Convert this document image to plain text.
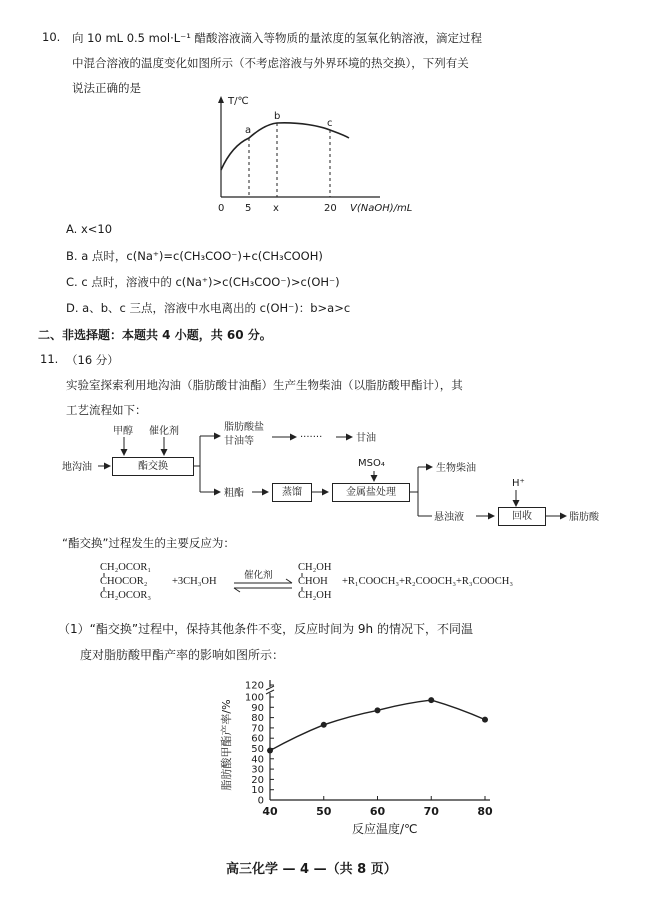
10. 向 10 mL 0.5 mol·L⁻¹ 醋酸溶液滴入等物质的量浓度的氢氧化钠溶液，滴定过程
中混合溶液的温度变化如图所示（不考虑溶液与外界环境的热交换），下列有关
说法正确的是
T/℃
a
b
c
0 5 x	20 V(NaOH)/mL
A. x<10
B. a 点时，c(Na⁺)=c(CH₃COO⁻)+c(CH₃COOH)
C. c 点时，溶液中的 c(Na⁺)>c(CH₃COO⁻)>c(OH⁻)
D. a、b、c 三点，溶液中水电离出的 c(OH⁻)：b>a>c
二、非选择题：本题共 4 小题，共 60 分。
11. （16 分）
实验室探索利用地沟油（脂肪酸甘油酯）生产生物柴油（以脂肪酸甲酯计），其
工艺流程如下：
甲醇 催化剂
地沟油
脂肪酸盐
甘油等	·······	甘油
MSO₄
粗酯
生物柴油
H⁺
悬浊液	脂肪酸
酯交换
蒸馏	金属盐处理
回收
“酯交换”过程发生的主要反应为：
CH₂OCOR₁
CHOCOR₂
CH₂OCOR₃
+3CH₃OH
催化剂
CH₂OH
CHOH
CH₂OH
+R₁COOCH₃+R₂COOCH₃+R₃COOCH₃
（1）“酯交换”过程中，保持其他条件不变，反应时间为 9h 的情况下，不同温
度对脂肪酸甲酯产率的影响如图所示：
0
10
20
30
40
50
60
70
80
90
100
120
40	50	60	70	80
脂肪酸甲酯产率/%
反应温度/℃
高三化学 — 4 —（共 8 页）
